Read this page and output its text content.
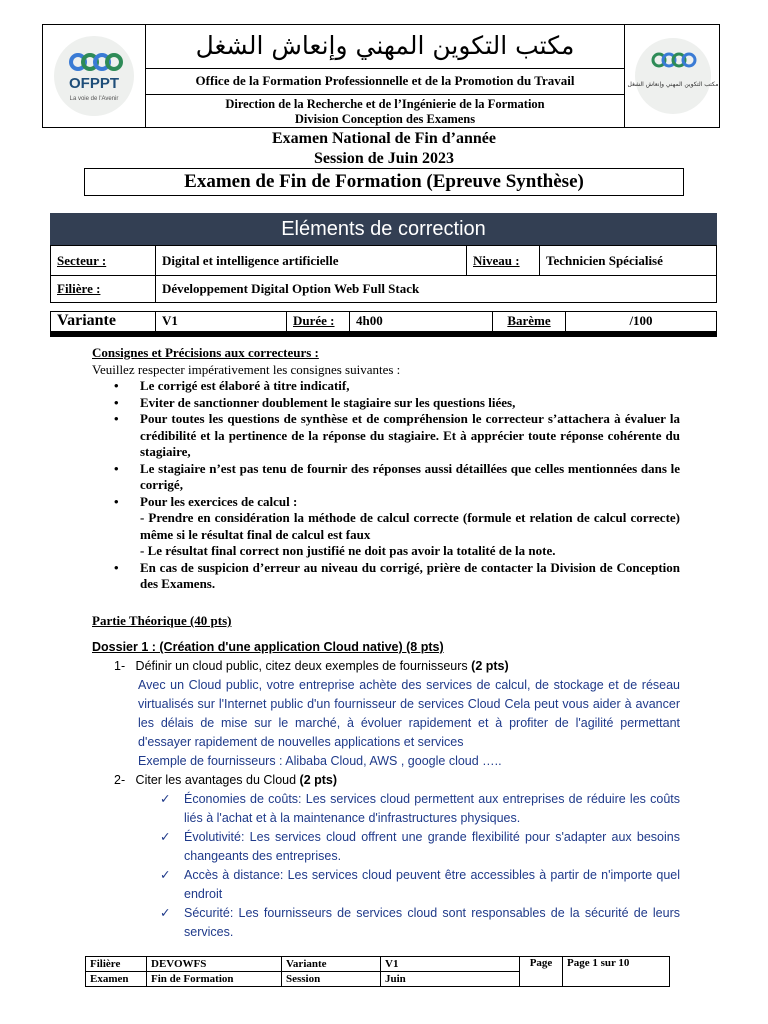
OFPPT
La voie de l'Avenir
مكتب التكوين المهني وإنعاش الشغل
مكتب التكوين المهني وإنعاش الشغل
Office de la Formation Professionnelle et de la Promotion du Travail
Direction de la Recherche et de l’Ingénierie de la Formation
Division Conception des Examens
Examen National de Fin d’année
Session de Juin 2023
Examen de Fin de Formation (Epreuve Synthèse)
Eléments de correction
Secteur :	Digital et intelligence artificielle	Niveau :	Technicien Spécialisé
Filière :	Développement Digital Option Web Full Stack		
Variante	V1	Durée :	4h00	Barème	/100
Consignes et Précisions aux correcteurs :
Veuillez respecter impérativement les consignes suivantes :
• Le corrigé est élaboré à titre indicatif,
• Eviter de sanctionner doublement le stagiaire sur les questions liées,
• Pour toutes les questions de synthèse et de compréhension le correcteur s’attachera à évaluer la crédibilité et la pertinence de la réponse du stagiaire. Et à apprécier toute réponse cohérente du stagiaire,
• Le stagiaire n’est pas tenu de fournir des réponses aussi détaillées que celles mentionnées dans le corrigé,
• Pour les exercices de calcul :
- Prendre en considération la méthode de calcul correcte (formule et relation de calcul correcte) même si le résultat final de calcul est faux
- Le résultat final correct non justifié ne doit pas avoir la totalité de la note.
• En cas de suspicion d’erreur au niveau du corrigé, prière de contacter la Division de Conception des Examens.
Partie Théorique (40 pts)
Dossier 1 : (Création d'une application Cloud native) (8 pts)
1- Définir un cloud public, citez deux exemples de fournisseurs (2 pts)
Avec un Cloud public, votre entreprise achète des services de calcul, de stockage et de réseau virtualisés sur l'Internet public d'un fournisseur de services Cloud Cela peut vous aider à avancer les délais de mise sur le marché, à évoluer rapidement et à profiter de l'agilité permettant d'essayer rapidement de nouvelles applications et services
Exemple de fournisseurs : Alibaba Cloud, AWS , google cloud …..
2- Citer les avantages du Cloud (2 pts)
✓ Économies de coûts: Les services cloud permettent aux entreprises de réduire les coûts liés à l'achat et à la maintenance d'infrastructures physiques.
✓ Évolutivité: Les services cloud offrent une grande flexibilité pour s'adapter aux besoins changeants des entreprises.
✓ Accès à distance: Les services cloud peuvent être accessibles à partir de n'importe quel endroit
✓ Sécurité: Les fournisseurs de services cloud sont responsables de la sécurité de leurs services.
Filière	DEVOWFS	Variante	V1	Page	Page 1 sur 10
Examen	Fin de Formation	Session	Juin		
